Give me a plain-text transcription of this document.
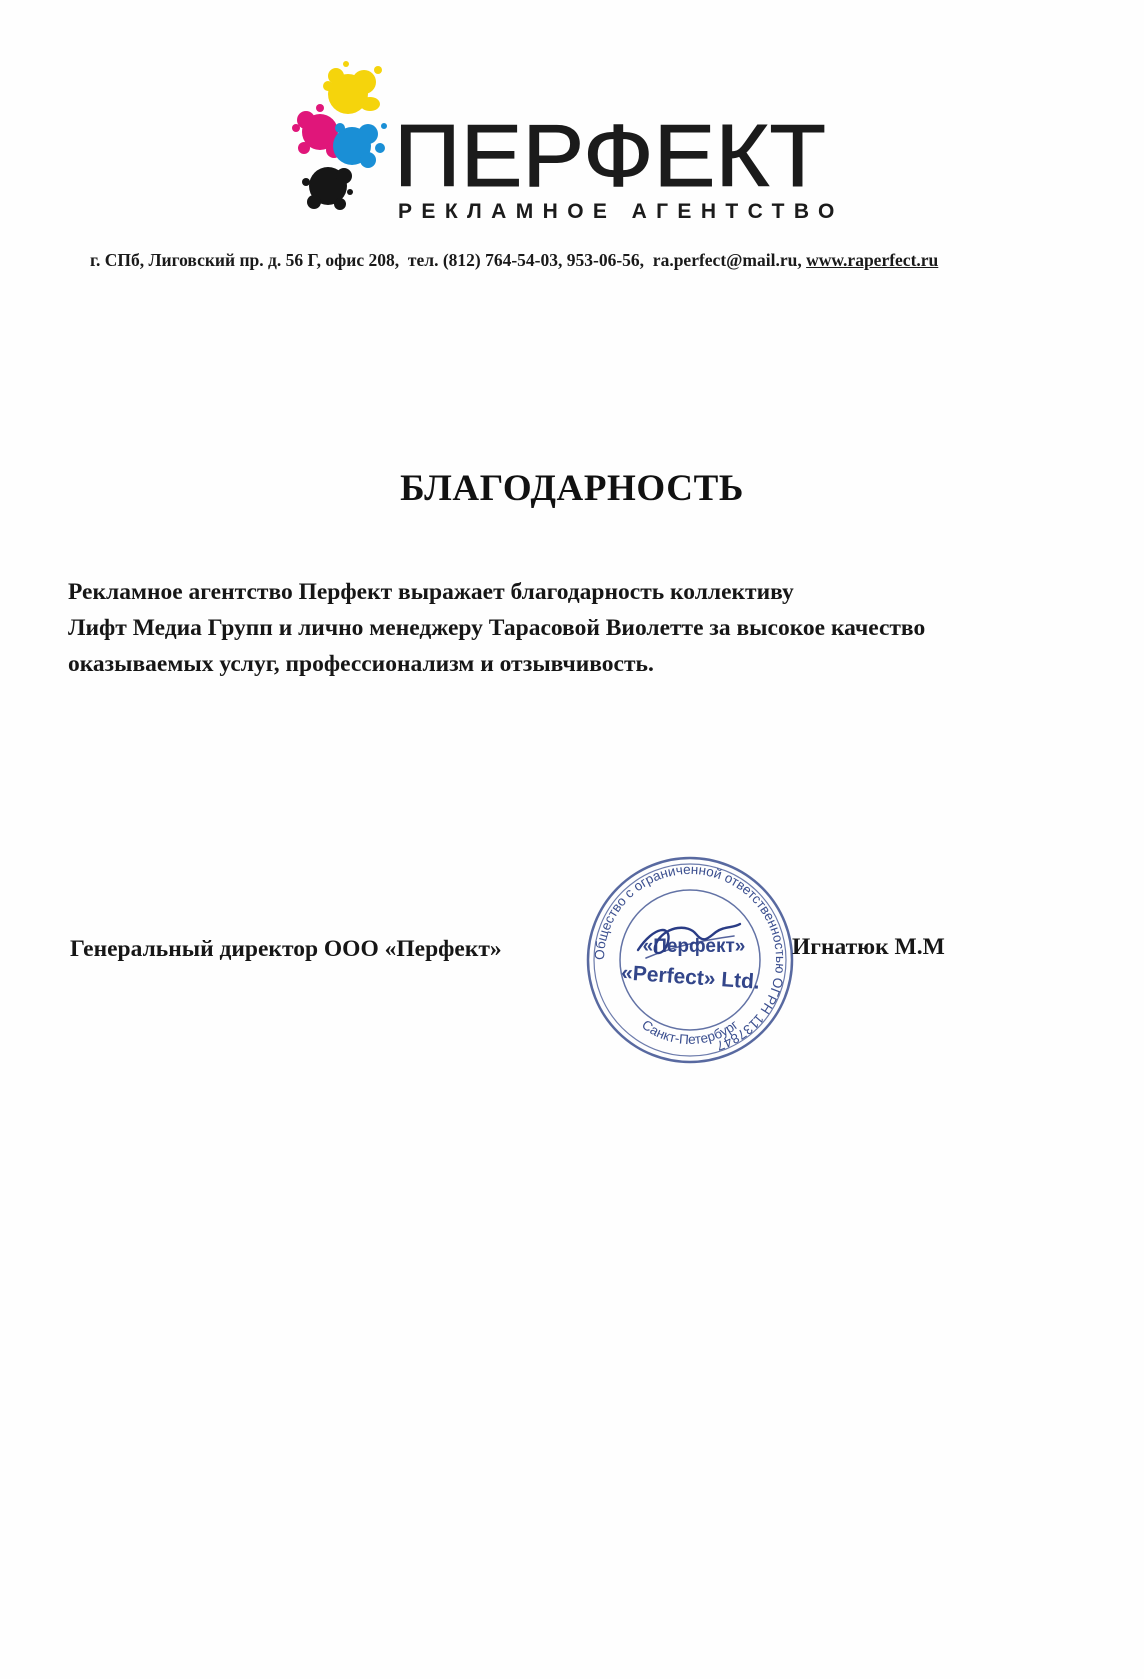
ПЕРФЕКТ
РЕКЛАМНОЕ АГЕНТСТВО
г. СПб, Лиговский пр. д. 56 Г, офис 208, тел. (812) 764-54-03, 953-06-56, ra.perfect@mail.ru, www.raperfect.ru
БЛАГОДАРНОСТЬ
Рекламное агентство Перфект выражает благодарность коллективу
Лифт Медиа Групп и лично менеджеру Тарасовой Виолетте за высокое качество
оказываемых услуг, профессионализм и отзывчивость.
Генеральный директор ООО «Перфект»	Общество с ограниченной ответственностью ОГРН 1137847
Санкт-Петербург
«Перфект»
«Perfect» Ltd.
Игнатюк М.М
